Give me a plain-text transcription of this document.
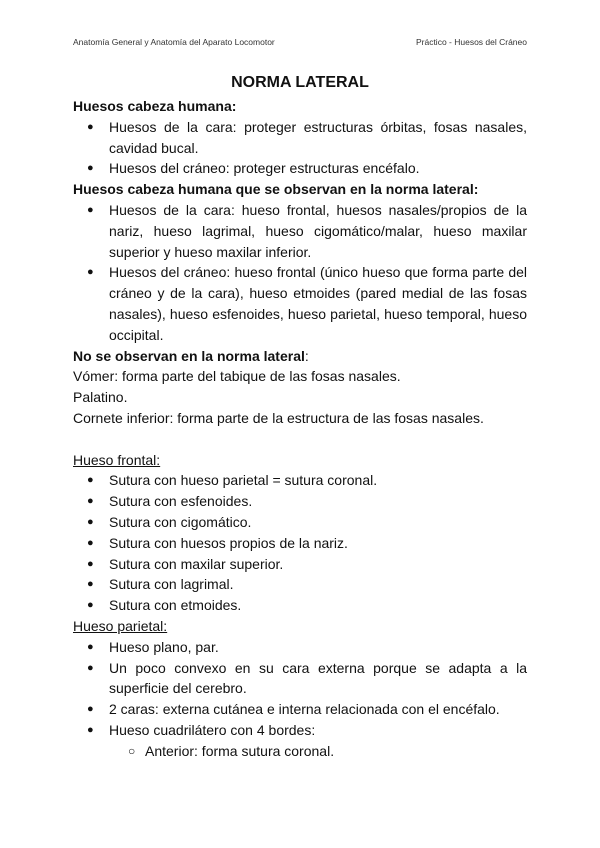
Anatomía General y Anatomía del Aparato Locomotor	Práctico - Huesos del Cráneo
NORMA LATERAL
Huesos cabeza humana:
● Huesos de la cara: proteger estructuras órbitas, fosas nasales, cavidad bucal.
● Huesos del cráneo: proteger estructuras encéfalo.
Huesos cabeza humana que se observan en la norma lateral:
● Huesos de la cara: hueso frontal, huesos nasales/propios de la nariz, hueso lagrimal, hueso cigomático/malar, hueso maxilar superior y hueso maxilar inferior.
● Huesos del cráneo: hueso frontal (único hueso que forma parte del cráneo y de la cara), hueso etmoides (pared medial de las fosas nasales), hueso esfenoides, hueso parietal, hueso temporal, hueso occipital.
No se observan en la norma lateral:

Vómer: forma parte del tabique de las fosas nasales.

Palatino.

Cornete inferior: forma parte de la estructura de las fosas nasales.

Hueso frontal:
● Sutura con hueso parietal = sutura coronal.
● Sutura con esfenoides.
● Sutura con cigomático.
● Sutura con huesos propios de la nariz.
● Sutura con maxilar superior.
● Sutura con lagrimal.
● Sutura con etmoides.
Hueso parietal:
● Hueso plano, par.
● Un poco convexo en su cara externa porque se adapta a la superficie del cerebro.
● 2 caras: externa cutánea e interna relacionada con el encéfalo.
● Hueso cuadrilátero con 4 bordes:
○ Anterior: forma sutura coronal.
